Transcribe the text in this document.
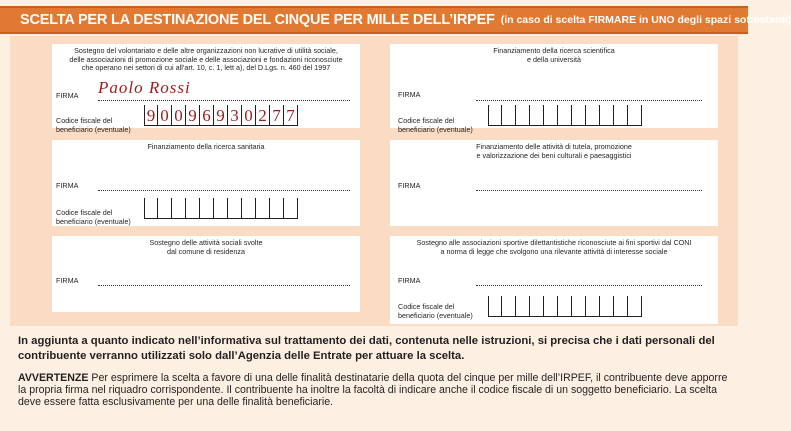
SCELTA PER LA DESTINAZIONE DEL CINQUE PER MILLE DELL’IRPEF (in caso di scelta FIRMARE in UNO degli spazi sottostanti)
Sostegno del volontariato e delle altre organizzazioni non lucrative di utilità sociale,
delle associazioni di promozione sociale e delle associazioni e fondazioni riconosciute
che operano nei settori di cui all’art. 10, c. 1, lett a), del D.Lgs. n. 460 del 1997
FIRMA Paolo Rossi
Codice fiscale del
beneficiario (eventuale)
9 0 0 9 6 9 3 0 2 7 7
Finanziamento della ricerca scientifica
e della università
FIRMA
Codice fiscale del
beneficiario (eventuale)
Finanziamento della ricerca sanitaria
FIRMA
Codice fiscale del
beneficiario (eventuale)
Finanziamento delle attività di tutela, promozione
e valorizzazione dei beni culturali e paesaggistici
FIRMA
Sostegno delle attività sociali svolte
dal comune di residenza
FIRMA
Sostegno alle associazioni sportive dilettantistiche riconosciute ai fini sportivi dal CONI
a norma di legge che svolgono una rilevante attività di interesse sociale
FIRMA
Codice fiscale del
beneficiario (eventuale)
In aggiunta a quanto indicato nell’informativa sul trattamento dei dati, contenuta nelle istruzioni, si precisa che i dati personali del contribuente verranno utilizzati solo dall’Agenzia delle Entrate per attuare la scelta.
AVVERTENZE Per esprimere la scelta a favore di una delle finalità destinatarie della quota del cinque per mille dell’IRPEF, il contribuente deve apporre la propria firma nel riquadro corrispondente. Il contribuente ha inoltre la facoltà di indicare anche il codice fiscale di un soggetto beneficiario. La scelta deve essere fatta esclusivamente per una delle finalità beneficiarie.
